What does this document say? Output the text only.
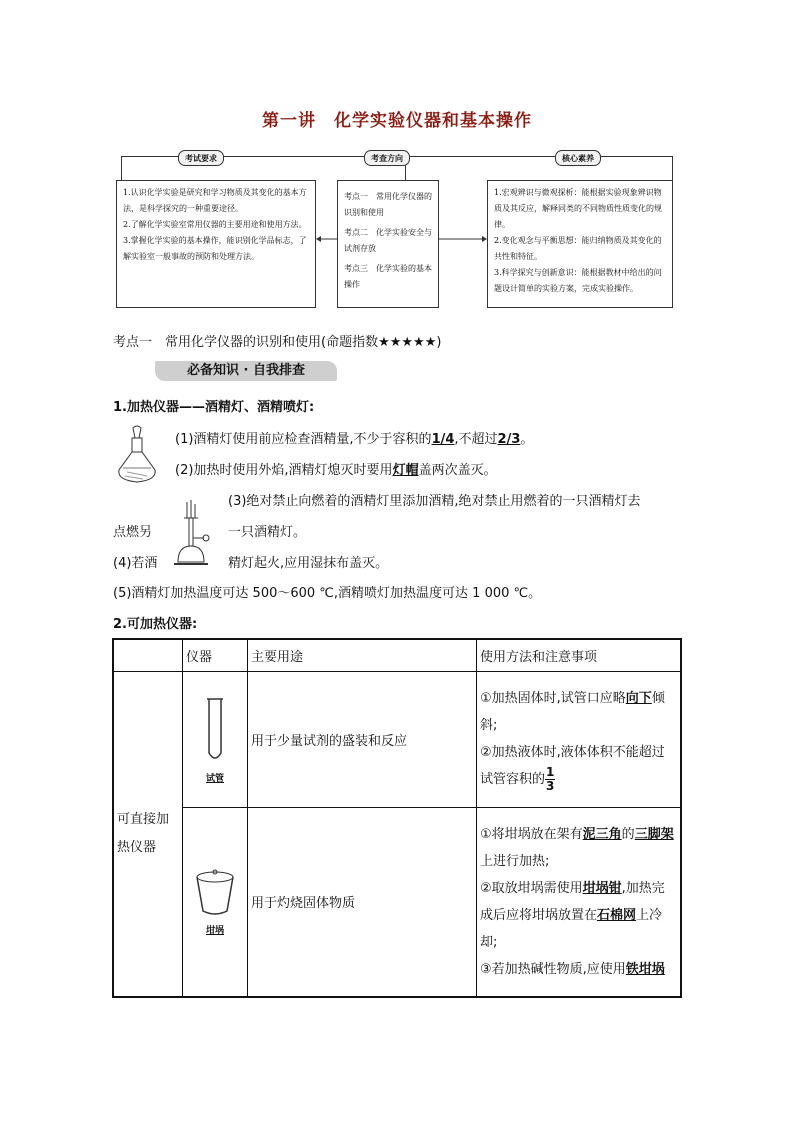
第一讲　化学实验仪器和基本操作
考试要求	考查方向	核心素养
1.认识化学实验是研究和学习物质及其变化的基本方法，是科学探究的一种重要途径。
2.了解化学实验室常用仪器的主要用途和使用方法。
3.掌握化学实验的基本操作，能识别化学品标志，了解实验室一般事故的预防和处理方法。
考点一　常用化学仪器的识别和使用
考点二　化学实验安全与试剂存放
考点三　化学实验的基本操作
1.宏观辨识与微观探析：能根据实验现象辨识物质及其反应，解释同类的不同物质性质变化的规律。
2.变化观念与平衡思想：能归纳物质及其变化的共性和特征。
3.科学探究与创新意识：能根据教材中给出的问题设计简单的实验方案，完成实验操作。
考点一　常用化学仪器的识别和使用(命题指数★★★★★)
必备知识 · 自我排查
1.加热仪器——酒精灯、酒精喷灯:
(1)酒精灯使用前应检查酒精量,不少于容积的1/4,不超过2/3。
(2)加热时使用外焰,酒精灯熄灭时要用灯帽盖两次盖灭。
(3)绝对禁止向燃着的酒精灯里添加酒精,绝对禁止用燃着的一只酒精灯去
点燃另	一只酒精灯。
(4)若酒	精灯起火,应用湿抹布盖灭。
(5)酒精灯加热温度可达 500～600 ℃,酒精喷灯加热温度可达 1 000 ℃。
2.可加热仪器:
	仪器	主要用途	使用方法和注意事项
可直接加热仪器	试管	用于少量试剂的盛装和反应	①加热固体时,试管口应略向下倾斜;
②加热液体时,液体体积不能超过试管容积的 $\frac{1}{3}$

	坩埚	用于灼烧固体物质	①将坩埚放在架有泥三角的三脚架上进行加热;
②取放坩埚需使用坩埚钳,加热完成后应将坩埚放置在石棉网上冷却;
③若加热碱性物质,应使用铁坩埚
